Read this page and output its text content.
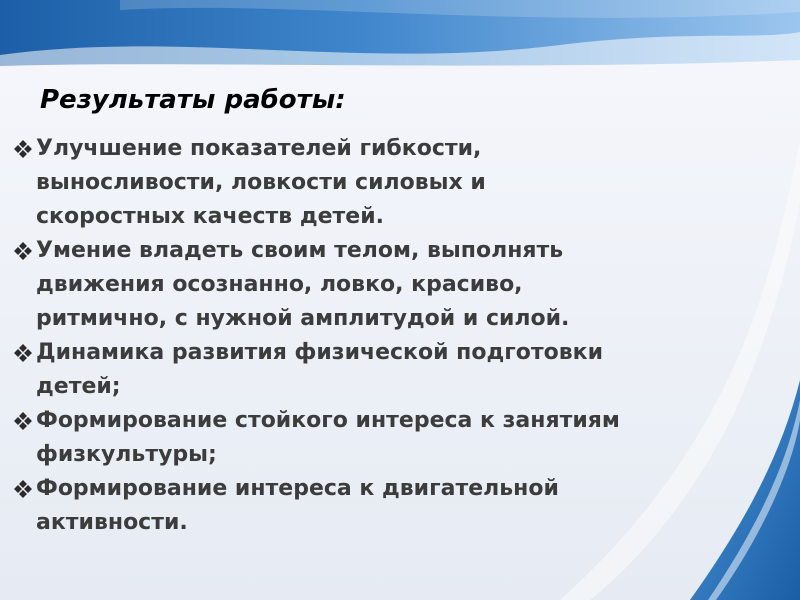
Результаты работы:
Улучшение показателей гибкости,
выносливости, ловкости силовых и
скоростных качеств детей.
Умение владеть своим телом, выполнять
движения осознанно, ловко, красиво,
ритмично, с нужной амплитудой и силой.
Динамика развития физической подготовки
детей;
Формирование стойкого интереса к занятиям
физкультуры;
Формирование интереса к двигательной
активности.
